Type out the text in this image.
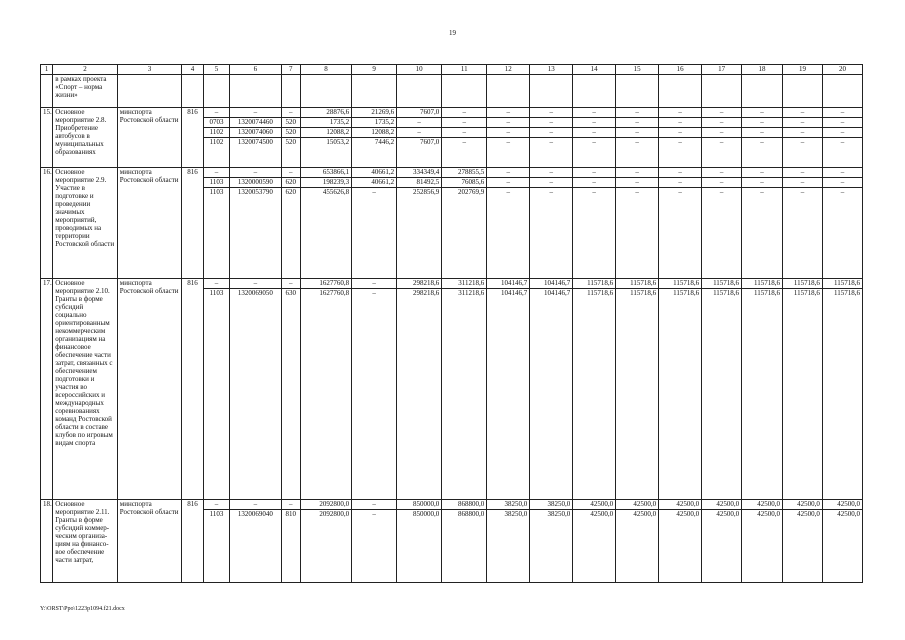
19
1	2	3	4	5	6	7	8	9	10	11	12	13	14	15	16	17	18	19	20
	в рамках проекта «Спорт – норма жизни»																		
15.	Основное мероприятие 2.8. Приобретение автобусов в муниципальных образованиях	минспорта Ростовской области	816	–	–	–	28876,6	21269,6	7607,0	–	–	–	–	–	–	–	–	–	–
				0703	1320074460	520	1735,2	1735,2	–	–	–	–	–	–	–	–	–	–	–
				1102	1320074060	520	12088,2	12088,2	–	–	–	–	–	–	–	–	–	–	–
				1102	1320074500	520	15053,2	7446,2	7607,0	–	–	–	–	–	–	–	–	–	–
16.	Основное мероприятие 2.9. Участие в подготовке и проведении значимых мероприятий, проводимых на территории Ростовской области	минспорта Ростовской области	816	–	–	–	653866,1	40661,2	334349,4	278855,5	–	–	–	–	–	–	–	–	–
				1103	1320000590	620	198239,3	40661,2	81492,5	76085,6	–	–	–	–	–	–	–	–	–
				1103	1320053790	620	455626,8	–	252856,9	202769,9	–	–	–	–	–	–	–	–	–
17.	Основное мероприятие 2.10. Гранты в форме субсидий социально ориентированным некоммерческим организациям на финансовое обеспечение части затрат, связанных с обеспечением подготовки и участия во всероссийских и международных соревнованиях команд Ростовской области в составе клубов по игровым видам спорта	минспорта Ростовской области	816	–	–	–	1627760,8	–	298218,6	311218,6	104146,7	104146,7	115718,6	115718,6	115718,6	115718,6	115718,6	115718,6	115718,6
				1103	1320069050	630	1627760,8	–	298218,6	311218,6	104146,7	104146,7	115718,6	115718,6	115718,6	115718,6	115718,6	115718,6	115718,6
18.	Основное мероприятие 2.11. Гранты в форме субсидий коммер-ческим организа-циям на финансо-вое обеспечение части затрат,	минспорта Ростовской области	816	–	–	–	2092800,0	–	850000,0	868800,0	38250,0	38250,0	42500,0	42500,0	42500,0	42500,0	42500,0	42500,0	42500,0
				1103	1320069040	810	2092800,0	–	850000,0	868800,0	38250,0	38250,0	42500,0	42500,0	42500,0	42500,0	42500,0	42500,0	42500,0
Y:\ORST\Ppo\1223p1094.f21.docx
